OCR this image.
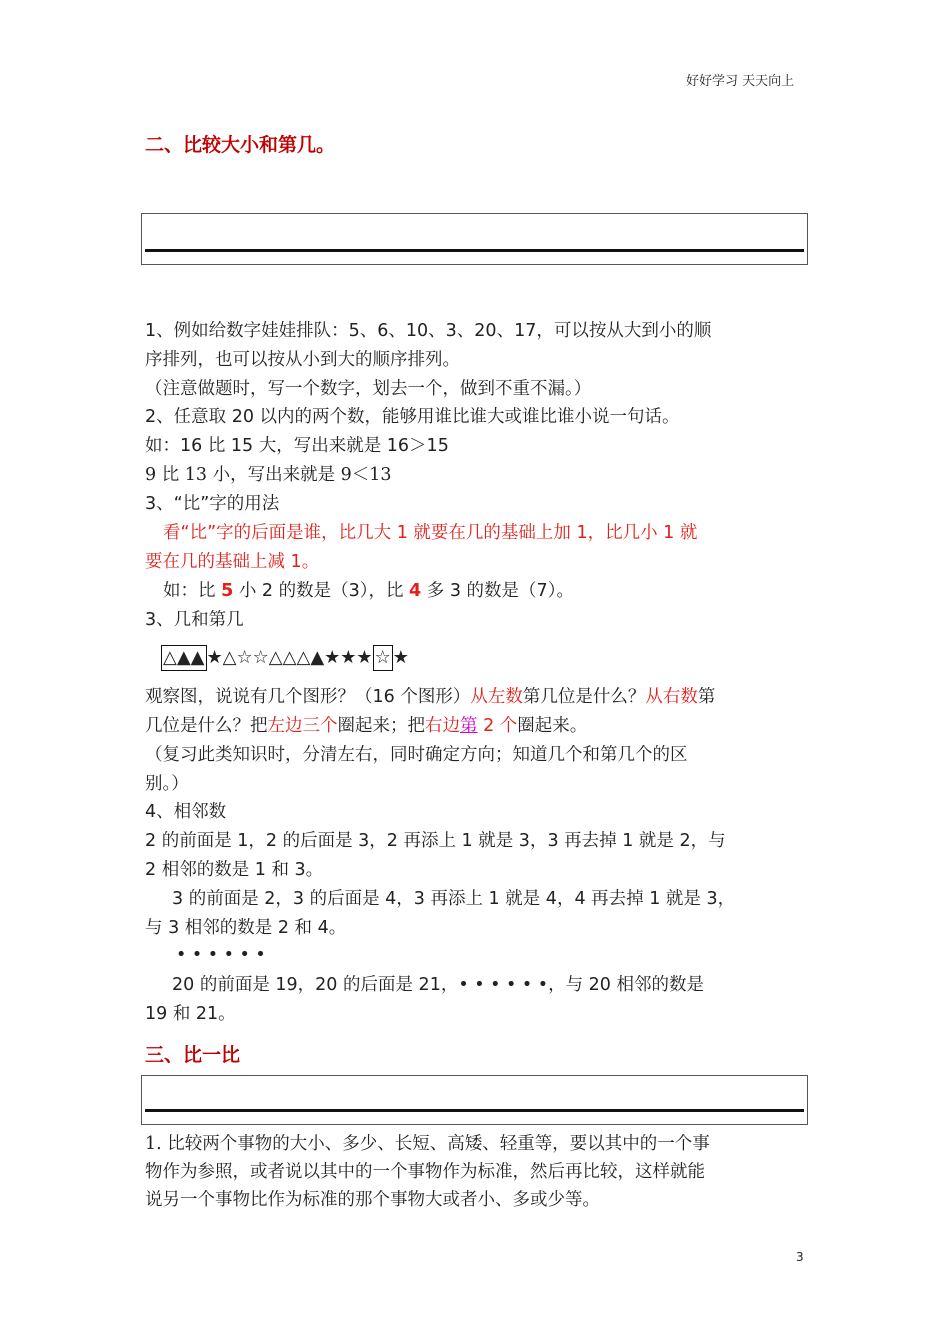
好好学习 天天向上
二、比较大小和第几。
1、例如给数字娃娃排队：5、6、10、3、20、17，可以按从大到小的顺
序排列，也可以按从小到大的顺序排列。
（注意做题时，写一个数字，划去一个，做到不重不漏。）
2、任意取 20 以内的两个数，能够用谁比谁大或谁比谁小说一句话。
如：16 比 15 大，写出来就是 16＞15
9 比 13 小，写出来就是 9＜13
3、“比”字的用法
看“比”字的后面是谁，比几大 1 就要在几的基础上加 1，比几小 1 就
要在几的基础上减 1。
如：比 5 小 2 的数是（3），比 4 多 3 的数是（7）。
3、几和第几
△▲▲ ★△☆☆△△△▲★★★ ☆ ★
观察图，说说有几个图形？（16 个图形）从左数第几位是什么？从右数第
几位是什么？把左边三个圈起来；把右边第 2 个圈起来。
（复习此类知识时，分清左右，同时确定方向；知道几个和第几个的区
别。）
4、相邻数
2 的前面是 1，2 的后面是 3，2 再添上 1 就是 3，3 再去掉 1 就是 2，与
2 相邻的数是 1 和 3。
3 的前面是 2，3 的后面是 4，3 再添上 1 就是 4，4 再去掉 1 就是 3，
与 3 相邻的数是 2 和 4。
• • • • • •
20 的前面是 19，20 的后面是 21，• • • • • •，与 20 相邻的数是
19 和 21。
三、比一比
1. 比较两个事物的大小、多少、长短、高矮、轻重等，要以其中的一个事
物作为参照，或者说以其中的一个事物作为标准，然后再比较，这样就能
说另一个事物比作为标准的那个事物大或者小、多或少等。
3
